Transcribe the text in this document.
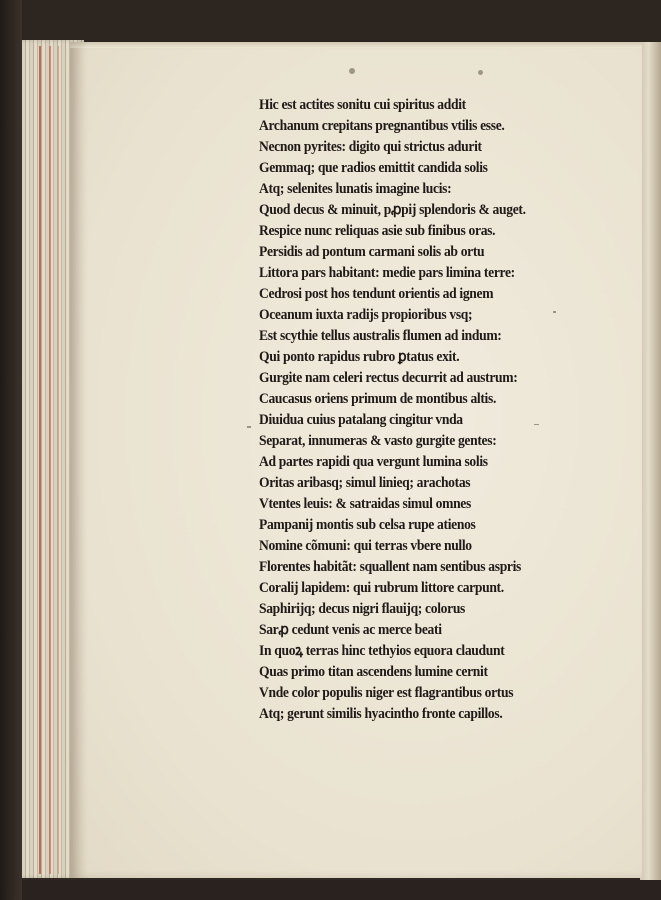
Hic est actites sonitu cui spiritus addit
Archanum crepitans pregnantibus vtilis esse.
Necnon pyrites: digito qui strictus adurit
Gemmaq; que radios emittit candida solis
Atq; selenites lunatis imagine lucis:
Quod decus & minuit, pꝓpij splendoris & auget.
Respice nunc reliquas asie sub finibus oras.
Persidis ad pontum carmani solis ab ortu
Littora pars habitant: medie pars limina terre:
Cedrosi post hos tendunt orientis ad ignem
Oceanum iuxta radijs propioribus vsq;
Est scythie tellus australis flumen ad indum:
Qui ponto rapidus rubro ꝑtatus exit.
Gurgite nam celeri rectus decurrit ad austrum:
Caucasus oriens primum de montibus altis.
Diuidua cuius patalang cingitur vnda
Separat, innumeras & vasto gurgite gentes:
Ad partes rapidi qua vergunt lumina solis
Oritas aribasq; simul linieq; arachotas
Vtentes leuis: & satraidas simul omnes
Pampanij montis sub celsa rupe atienos
Nomine cõmuni: qui terras vbere nullo
Florentes habitãt: squallent nam sentibus aspris
Coralij lapidem: qui rubrum littore carpunt.
Saphirijq; decus nigri flauijq; colorus
Sarꝓ cedunt venis ac merce beati
In quoꝝ terras hinc tethyios equora claudunt
Quas primo titan ascendens lumine cernit
Vnde color populis niger est flagrantibus ortus
Atq; gerunt similis hyacintho fronte capillos.
